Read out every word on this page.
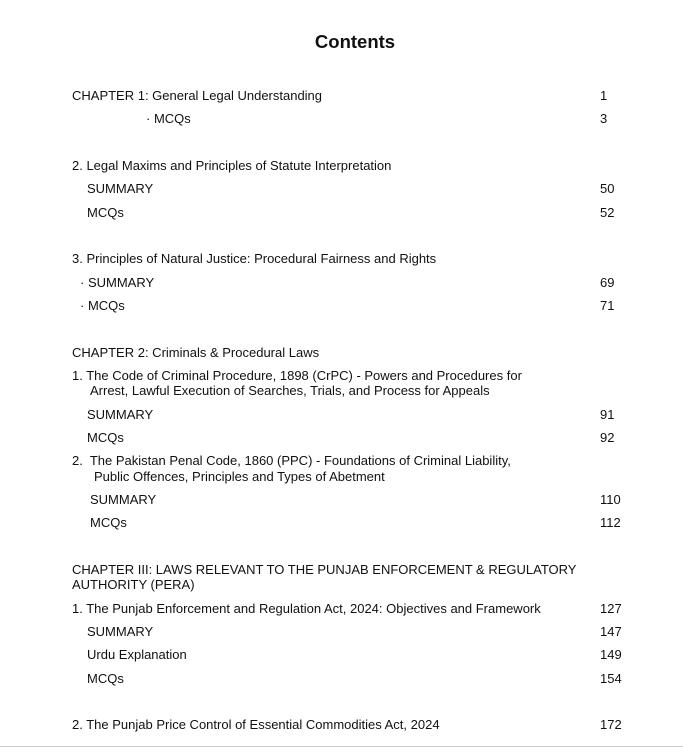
Contents
CHAPTER 1: General Legal Understanding	1
· MCQs	3
2. Legal Maxims and Principles of Statute Interpretation
SUMMARY	50
MCQs	52
3. Principles of Natural Justice: Procedural Fairness and Rights
· SUMMARY	69
· MCQs	71
CHAPTER 2: Criminals & Procedural Laws
1. The Code of Criminal Procedure, 1898 (CrPC) - Powers and Procedures for
Arrest, Lawful Execution of Searches, Trials, and Process for Appeals
SUMMARY	91
MCQs	92
2.  The Pakistan Penal Code, 1860 (PPC) - Foundations of Criminal Liability,
Public Offences, Principles and Types of Abetment
SUMMARY	110
MCQs	112
CHAPTER III: LAWS RELEVANT TO THE PUNJAB ENFORCEMENT & REGULATORY
AUTHORITY (PERA)
1. The Punjab Enforcement and Regulation Act, 2024: Objectives and Framework	127
SUMMARY	147
Urdu Explanation	149
MCQs	154
2. The Punjab Price Control of Essential Commodities Act, 2024	172
